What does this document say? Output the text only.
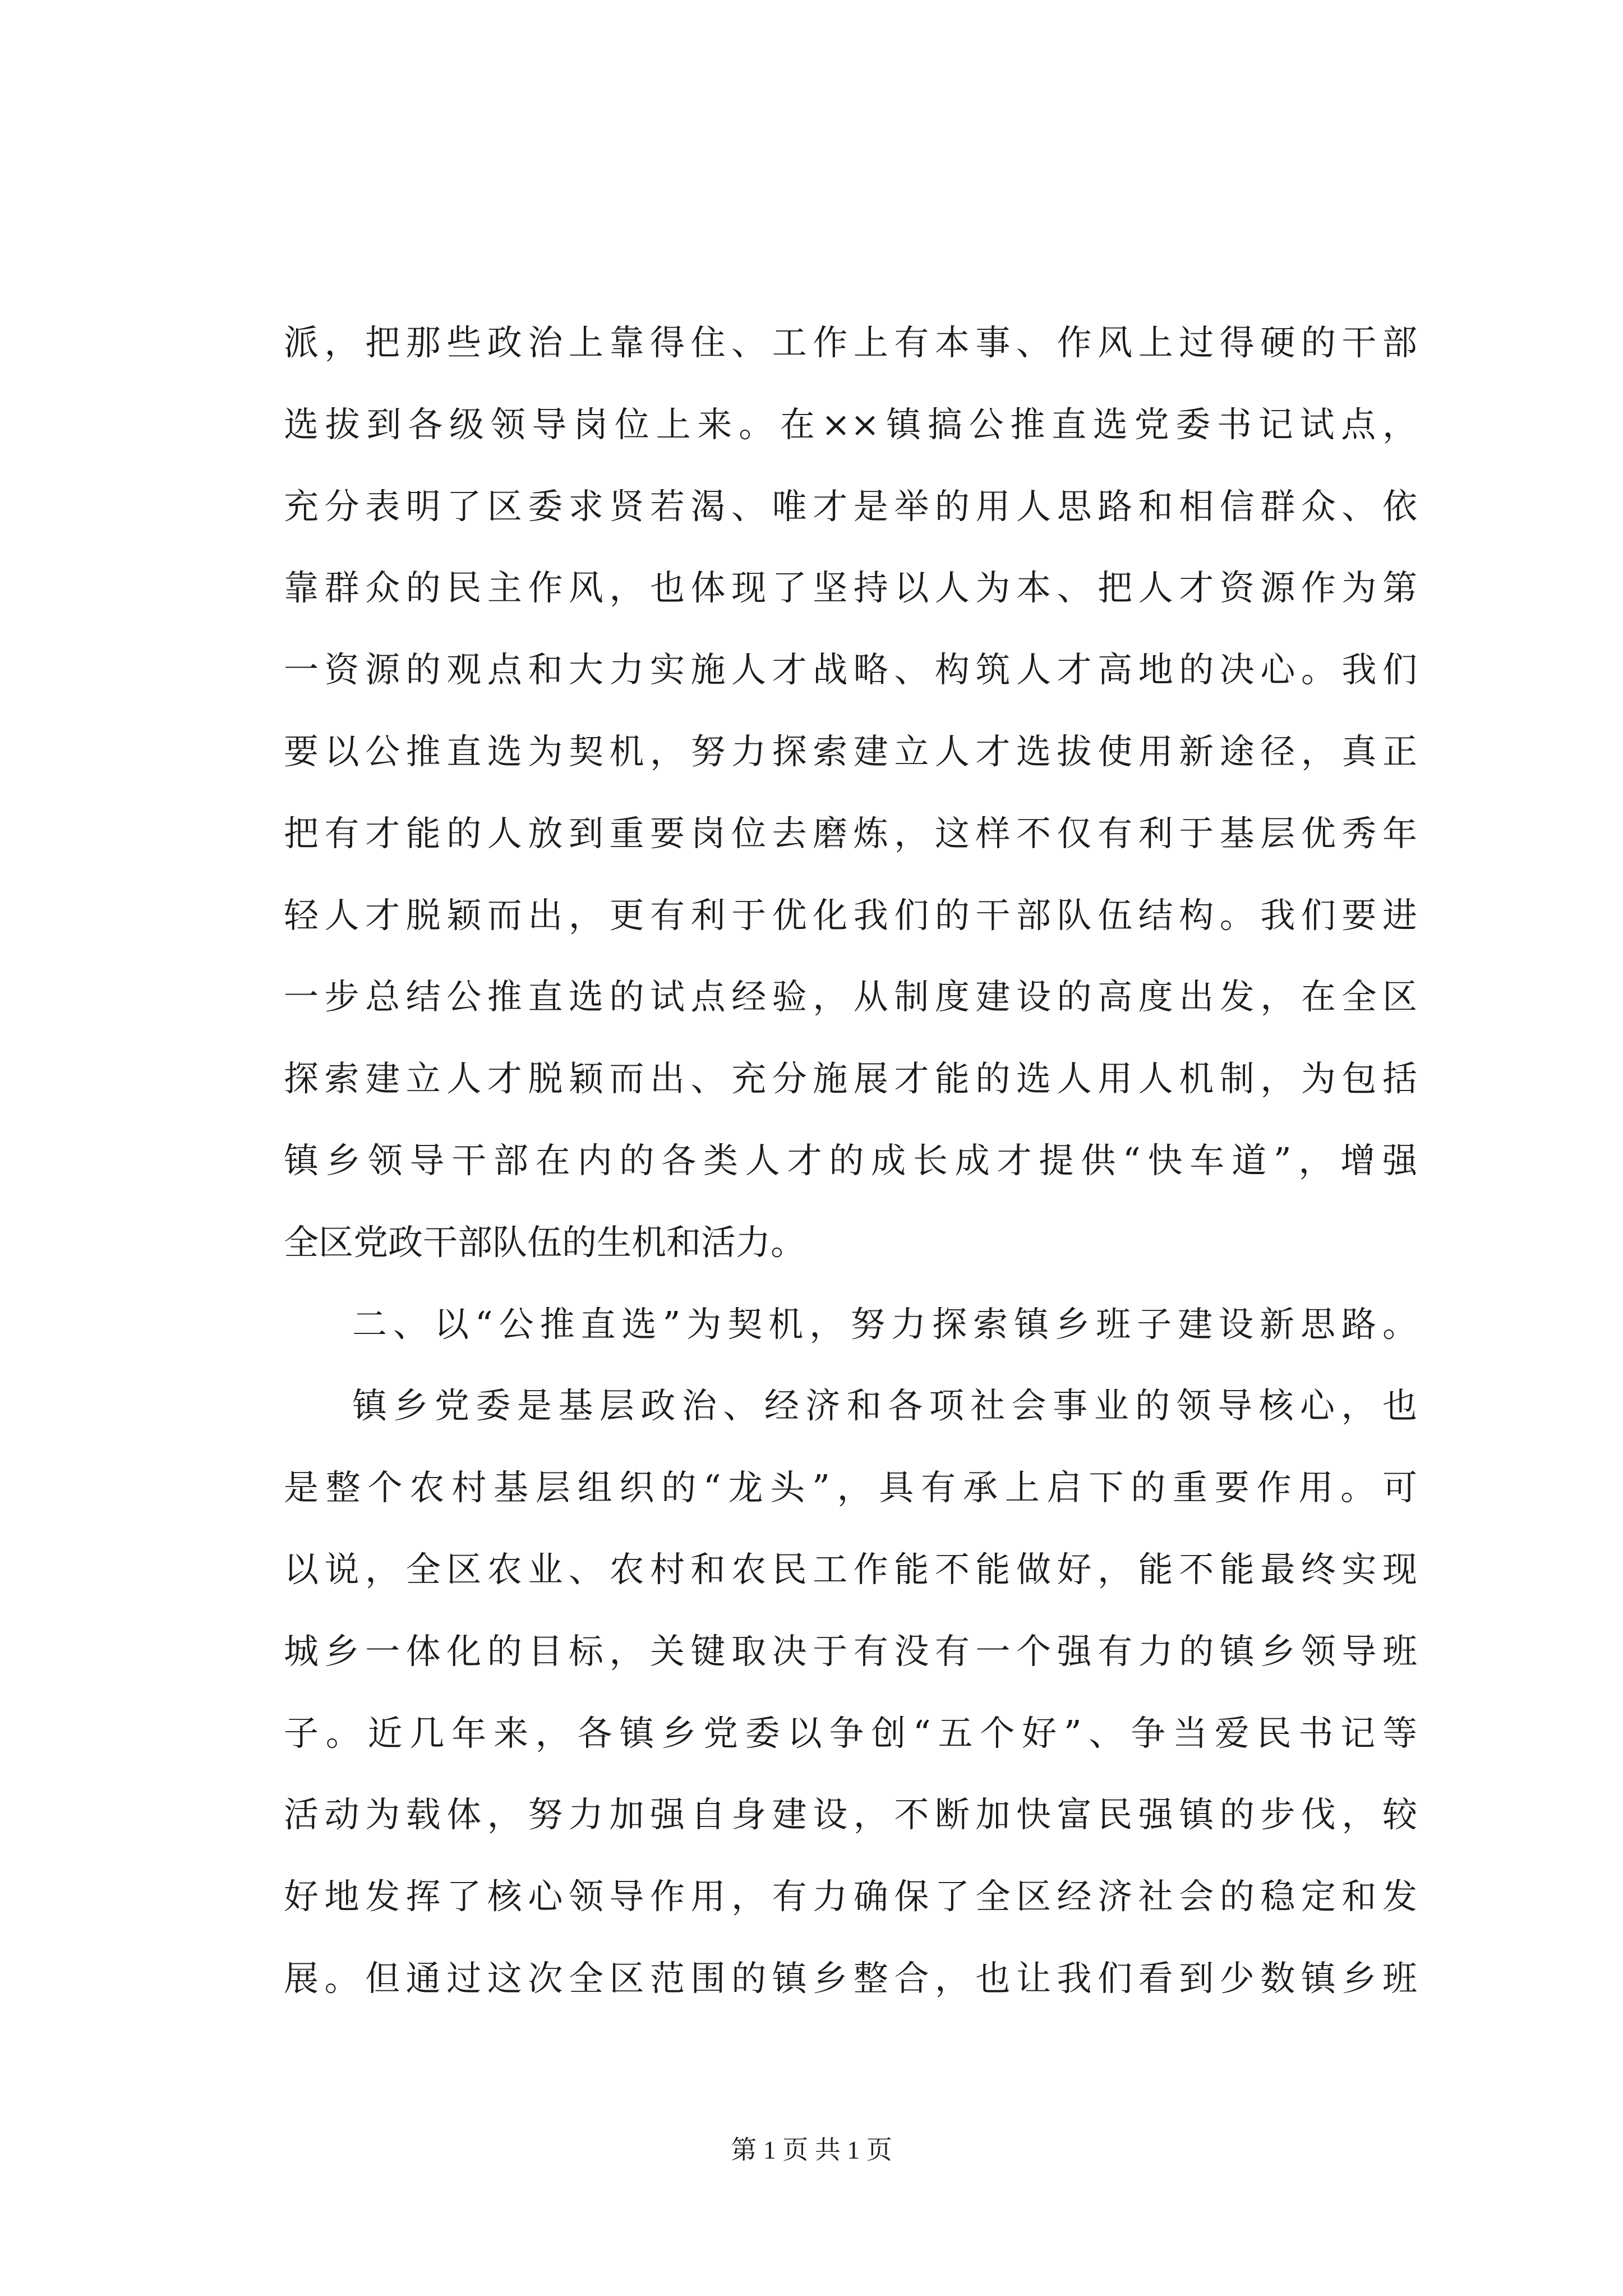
派，把那些政治上靠得住、工作上有本事、作风上过得硬的干部
选拔到各级领导岗位上来。在××镇搞公推直选党委书记试点，
充分表明了区委求贤若渴、唯才是举的用人思路和相信群众、依
靠群众的民主作风，也体现了坚持以人为本、把人才资源作为第
一资源的观点和大力实施人才战略、构筑人才高地的决心。我们
要以公推直选为契机，努力探索建立人才选拔使用新途径，真正
把有才能的人放到重要岗位去磨炼，这样不仅有利于基层优秀年
轻人才脱颖而出，更有利于优化我们的干部队伍结构。我们要进
一步总结公推直选的试点经验，从制度建设的高度出发，在全区
探索建立人才脱颖而出、充分施展才能的选人用人机制，为包括
镇乡领导干部在内的各类人才的成长成才提供“快车道”，增强
全区党政干部队伍的生机和活力。
二、以“公推直选”为契机，努力探索镇乡班子建设新思路。
镇乡党委是基层政治、经济和各项社会事业的领导核心，也
是整个农村基层组织的“龙头”，具有承上启下的重要作用。可
以说，全区农业、农村和农民工作能不能做好，能不能最终实现
城乡一体化的目标，关键取决于有没有一个强有力的镇乡领导班
子。近几年来，各镇乡党委以争创“五个好”、争当爱民书记等
活动为载体，努力加强自身建设，不断加快富民强镇的步伐，较
好地发挥了核心领导作用，有力确保了全区经济社会的稳定和发
展。但通过这次全区范围的镇乡整合，也让我们看到少数镇乡班
第 1 页 共 1 页
